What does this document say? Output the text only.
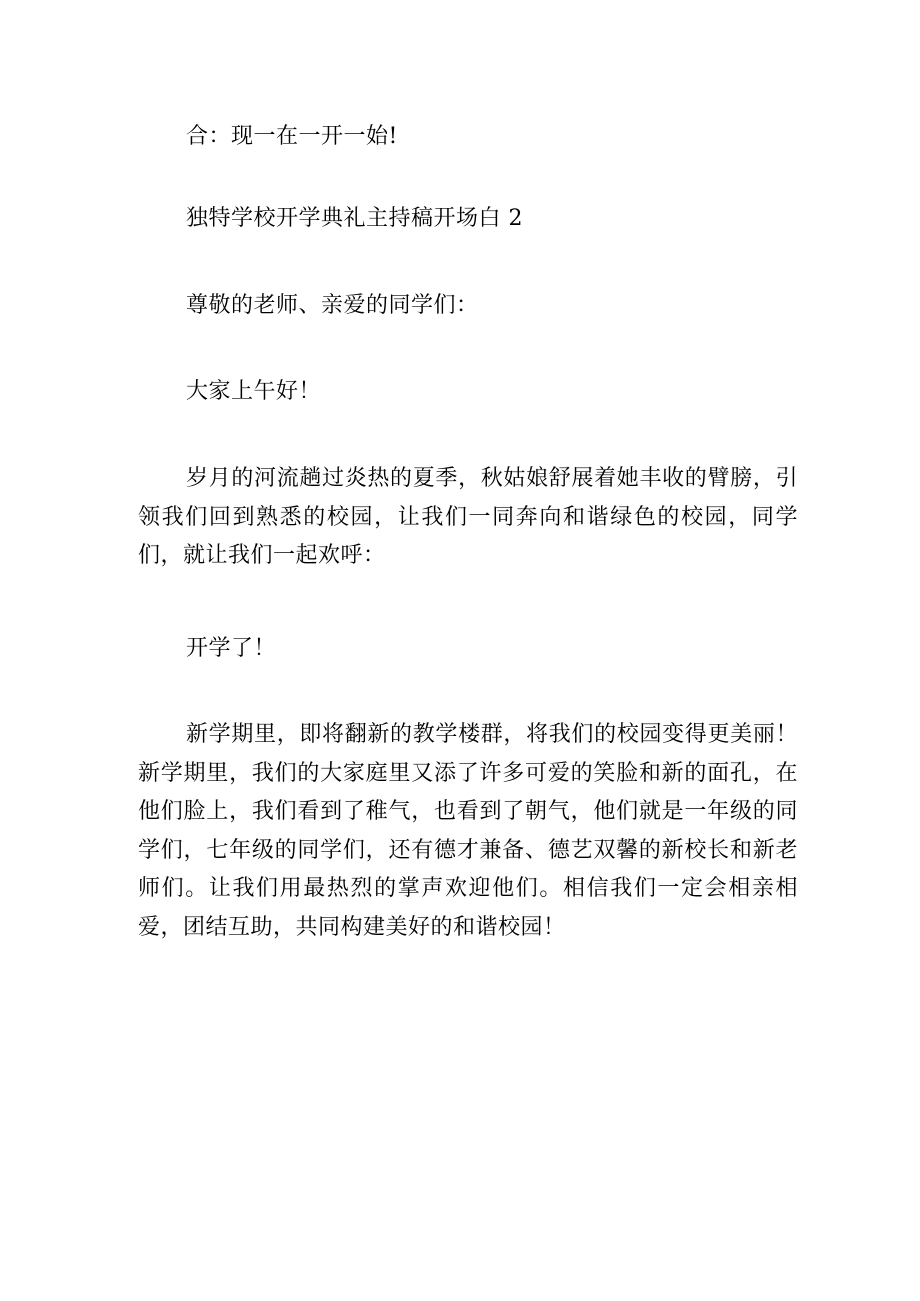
合：现一在一开一始!

独特学校开学典礼主持稿开场白 2

尊敬的老师、亲爱的同学们：

大家上午好！

岁月的河流趟过炎热的夏季，秋姑娘舒展着她丰收的臂膀，引领我们回到熟悉的校园，让我们一同奔向和谐绿色的校园，同学们，就让我们一起欢呼：

开学了！

新学期里，即将翻新的教学楼群，将我们的校园变得更美丽！新学期里，我们的大家庭里又添了许多可爱的笑脸和新的面孔，在他们脸上，我们看到了稚气，也看到了朝气，他们就是一年级的同学们，七年级的同学们，还有德才兼备、德艺双馨的新校长和新老师们。让我们用最热烈的掌声欢迎他们。相信我们一定会相亲相爱，团结互助，共同构建美好的和谐校园！
